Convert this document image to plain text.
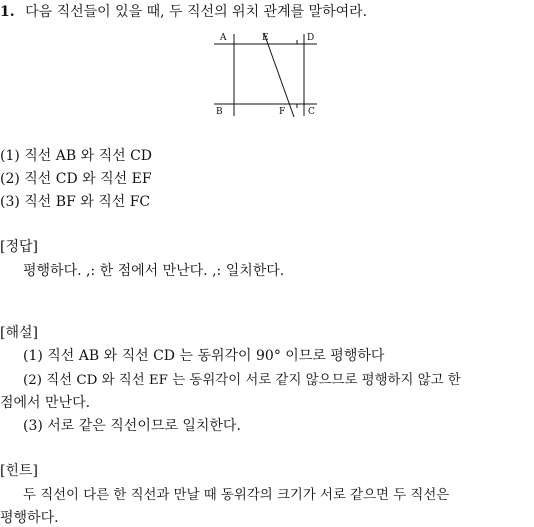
1. 다음 직선들이 있을 때, 두 직선의 위치 관계를 말하여라.
A	E	D
B	F	C
(1) 직선 AB 와 직선 CD
(2) 직선 CD 와 직선 EF
(3) 직선 BF 와 직선 FC
[정답]
평행하다. ,: 한 점에서 만난다. ,: 일치한다.
[해설]
(1) 직선 AB 와 직선 CD 는 동위각이 90° 이므로 평행하다
(2) 직선 CD 와 직선 EF 는 동위각이 서로 같지 않으므로 평행하지 않고 한
점에서 만난다.
(3) 서로 같은 직선이므로 일치한다.
[힌트]
두 직선이 다른 한 직선과 만날 때 동위각의 크기가 서로 같으면 두 직선은
평행하다.
